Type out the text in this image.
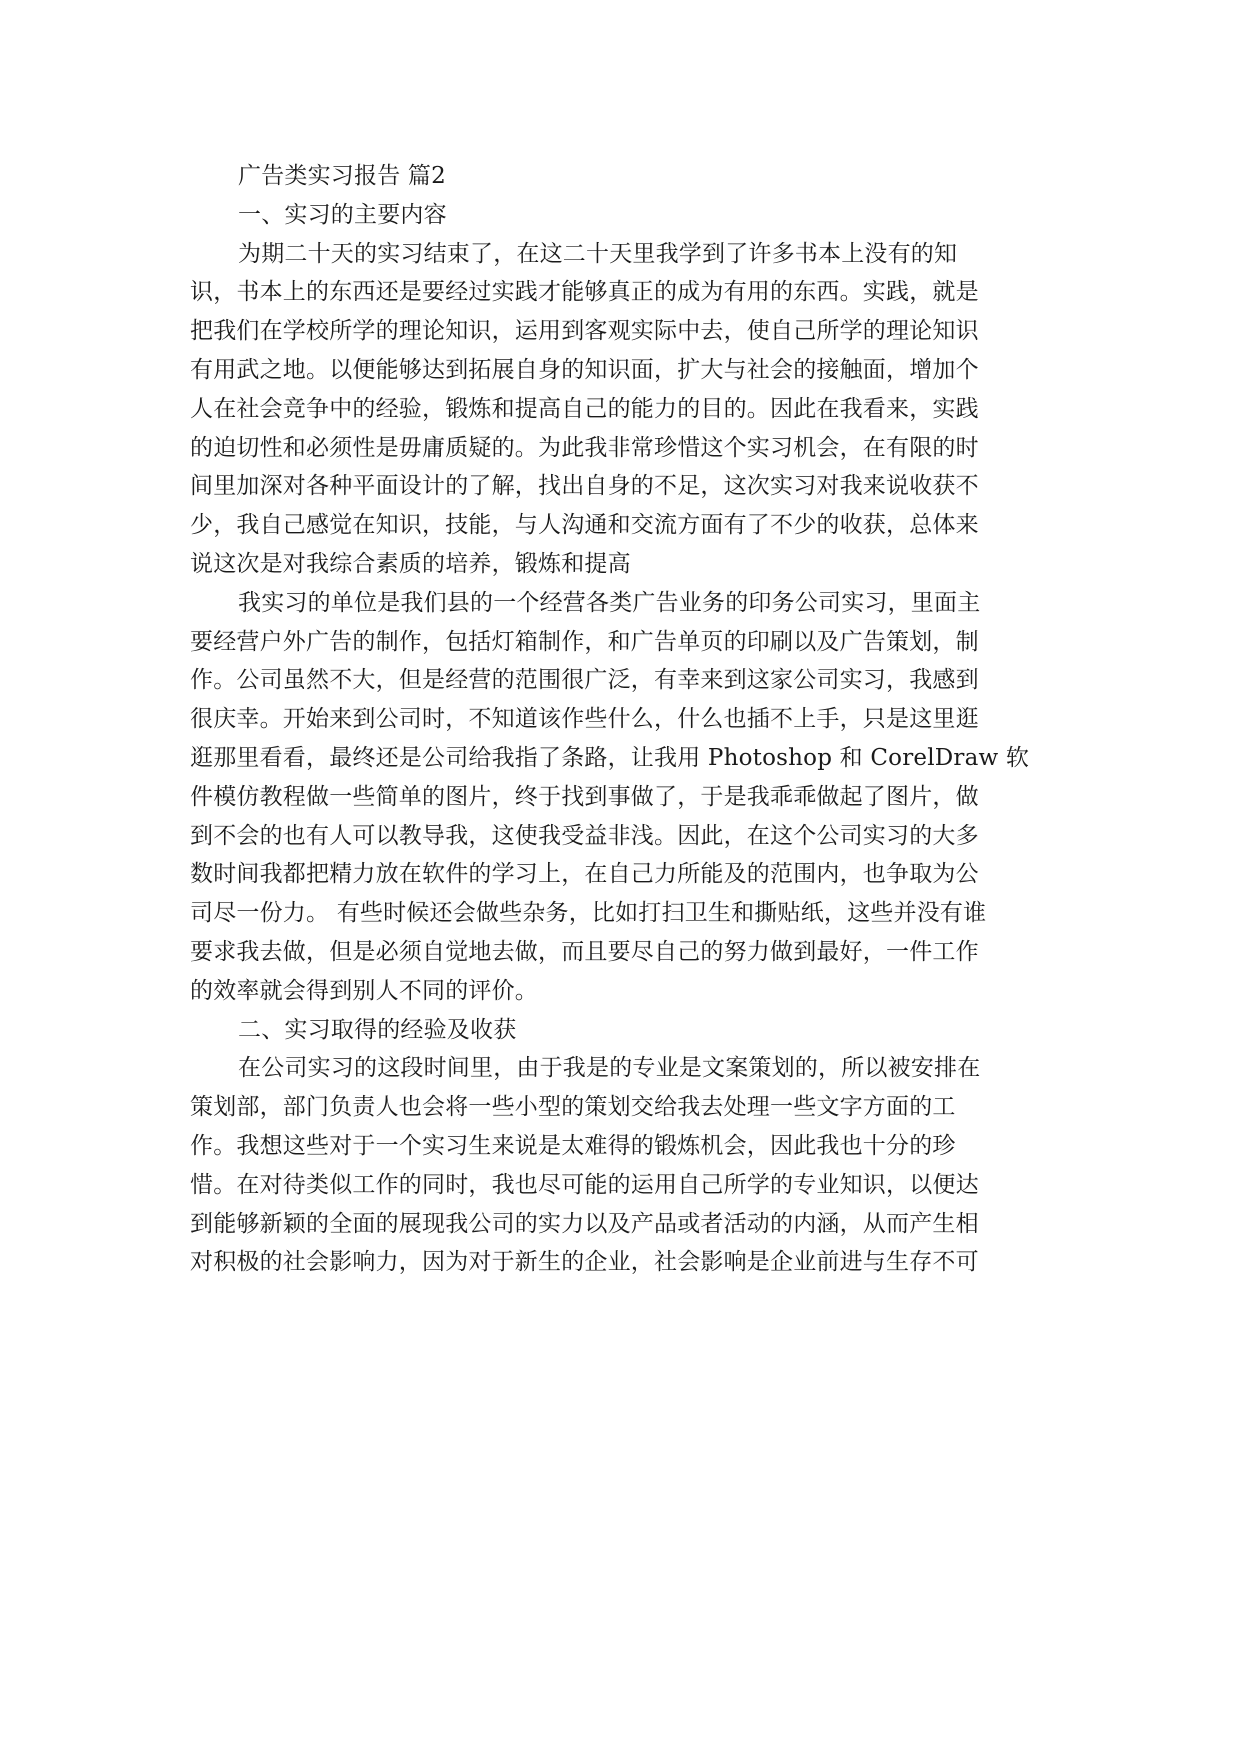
广告类实习报告 篇2
一、实习的主要内容
为期二十天的实习结束了，在这二十天里我学到了许多书本上没有的知
识，书本上的东西还是要经过实践才能够真正的成为有用的东西。实践，就是
把我们在学校所学的理论知识，运用到客观实际中去，使自己所学的理论知识
有用武之地。以便能够达到拓展自身的知识面，扩大与社会的接触面，增加个
人在社会竞争中的经验，锻炼和提高自己的能力的目的。因此在我看来，实践
的迫切性和必须性是毋庸质疑的。为此我非常珍惜这个实习机会，在有限的时
间里加深对各种平面设计的了解，找出自身的不足，这次实习对我来说收获不
少，我自己感觉在知识，技能，与人沟通和交流方面有了不少的收获，总体来
说这次是对我综合素质的培养，锻炼和提高
我实习的单位是我们县的一个经营各类广告业务的印务公司实习，里面主
要经营户外广告的制作，包括灯箱制作，和广告单页的印刷以及广告策划，制
作。公司虽然不大，但是经营的范围很广泛，有幸来到这家公司实习，我感到
很庆幸。开始来到公司时，不知道该作些什么，什么也插不上手，只是这里逛
逛那里看看，最终还是公司给我指了条路，让我用 Photoshop 和 CorelDraw 软
件模仿教程做一些简单的图片，终于找到事做了，于是我乖乖做起了图片，做
到不会的也有人可以教导我，这使我受益非浅。因此，在这个公司实习的大多
数时间我都把精力放在软件的学习上，在自己力所能及的范围内，也争取为公
司尽一份力。 有些时候还会做些杂务，比如打扫卫生和撕贴纸，这些并没有谁
要求我去做，但是必须自觉地去做，而且要尽自己的努力做到最好，一件工作
的效率就会得到别人不同的评价。
二、实习取得的经验及收获
在公司实习的这段时间里，由于我是的专业是文案策划的，所以被安排在
策划部，部门负责人也会将一些小型的策划交给我去处理一些文字方面的工
作。我想这些对于一个实习生来说是太难得的锻炼机会，因此我也十分的珍
惜。在对待类似工作的同时，我也尽可能的运用自己所学的专业知识，以便达
到能够新颖的全面的展现我公司的实力以及产品或者活动的内涵，从而产生相
对积极的社会影响力，因为对于新生的企业，社会影响是企业前进与生存不可
